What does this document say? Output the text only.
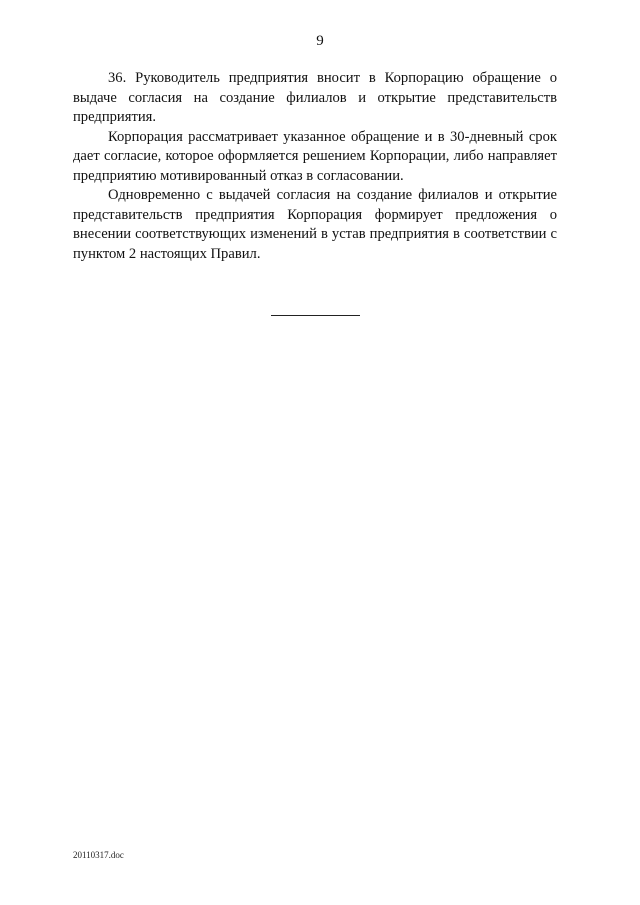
9

36. Руководитель предприятия вносит в Корпорацию обращение о выдаче согласия на создание филиалов и открытие представительств предприятия.

Корпорация рассматривает указанное обращение и в 30-дневный срок дает согласие, которое оформляется решением Корпорации, либо направляет предприятию мотивированный отказ в согласовании.

Одновременно с выдачей согласия на создание филиалов и открытие представительств предприятия Корпорация формирует предложения о внесении соответствующих изменений в устав предприятия в соответствии с пунктом 2 настоящих Правил.

20110317.doc
